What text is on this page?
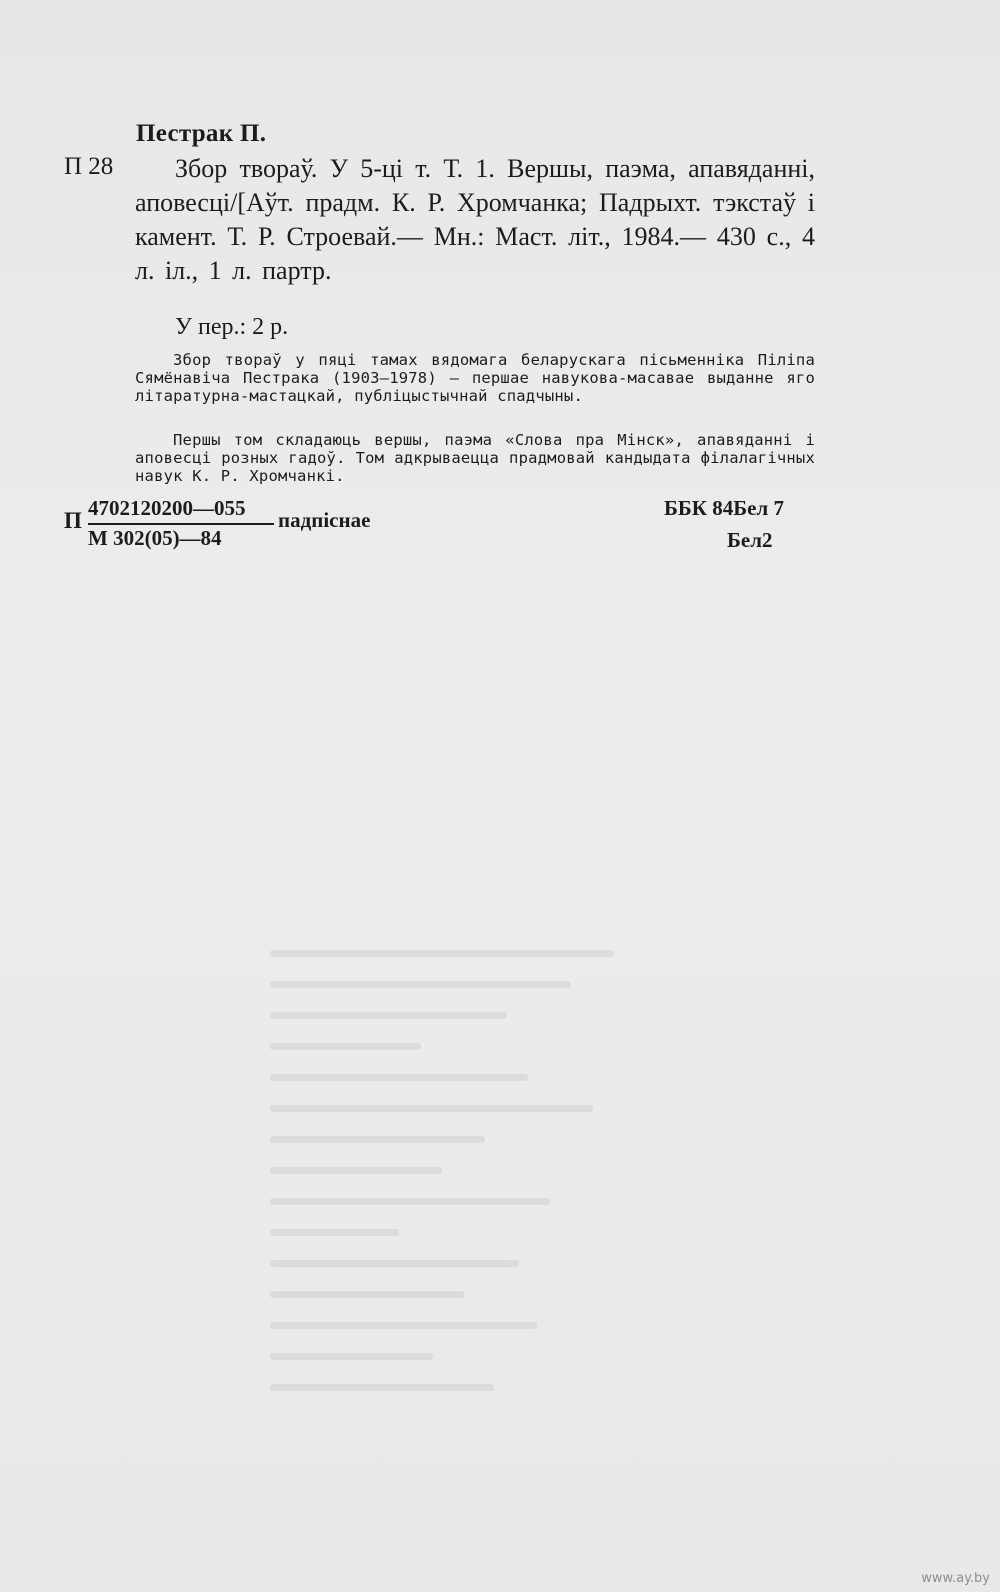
Пестрак П.
П 28	Збор твораў. У 5-ці т. Т. 1. Вершы, паэма, апавяданні, аповесці/[Аўт. прадм. К. Р. Хромчанка; Падрыхт. тэкстаў і камент. Т. Р. Строевай.— Мн.: Маст. літ., 1984.— 430 с., 4 л. іл., 1 л. партр.
У пер.: 2 р.
Збор твораў у пяці тамах вядомага беларускага пісьменніка Піліпа Сямёнавіча Пестрака (1903—1978) — першае навукова-масавае выданне яго літаратурна-мастацкай, публіцыстычнай спадчыны.
Першы том складаюць вершы, паэма «Слова пра Мінск», апавяданні і аповесці розных гадоў. Том адкрываецца прадмовай кандыдата філалагічных навук К. Р. Хромчанкі.
П 4702120200—055
М 302(05)—84
падпіснае	ББК 84Бел 7
Бел2
www.ay.by
